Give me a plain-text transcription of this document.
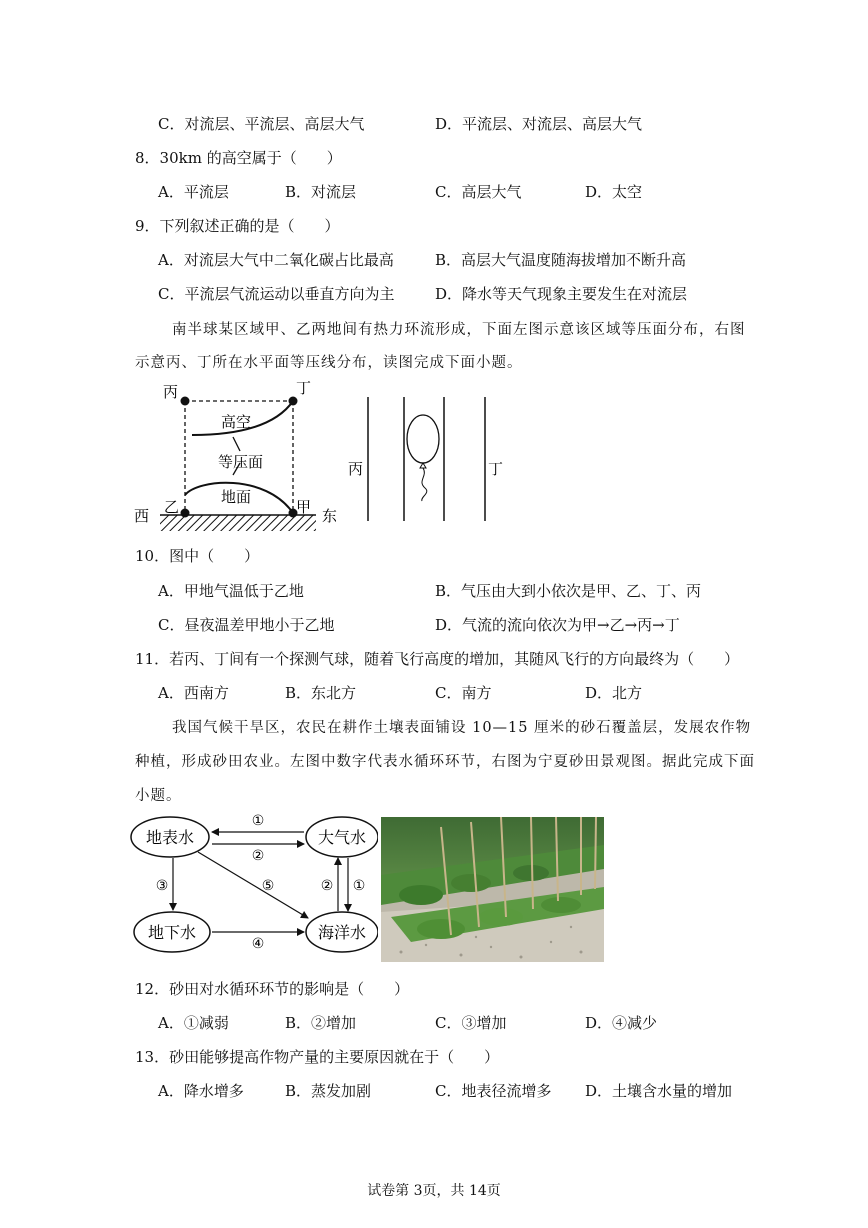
C．对流层、平流层、高层大气	D．平流层、对流层、高层大气
8．30km 的高空属于（　　）
A．平流层	B．对流层	C．高层大气	D．太空
9．下列叙述正确的是（　　）
A．对流层大气中二氧化碳占比最高	B．高层大气温度随海拔增加不断升高
C．平流层气流运动以垂直方向为主	D．降水等天气现象主要发生在对流层
南半球某区域甲、乙两地间有热力环流形成，下面左图示意该区域等压面分布，右图
示意丙、丁所在水平面等压线分布，读图完成下面小题。
丙	丁
高空
等压面
地面
乙	甲
西	东
丙	丁
10．图中（　　）
A．甲地气温低于乙地	B．气压由大到小依次是甲、乙、丁、丙
C．昼夜温差甲地小于乙地	D．气流的流向依次为甲→乙→丙→丁
11．若丙、丁间有一个探测气球，随着飞行高度的增加，其随风飞行的方向最终为（　　）
A．西南方	B．东北方	C．南方	D．北方
我国气候干旱区，农民在耕作土壤表面铺设 10—15 厘米的砂石覆盖层，发展农作物
种植，形成砂田农业。左图中数字代表水循环环节，右图为宁夏砂田景观图。据此完成下面
小题。
地表水	大气水
地下水	海洋水
①
②
③	⑤
④
② ①
12．砂田对水循环环节的影响是（　　）
A．①减弱	B．②增加	C．③增加	D．④减少
13．砂田能够提高作物产量的主要原因就在于（　　）
A．降水增多	B．蒸发加剧	C．地表径流增多 D．土壤含水量的增加
试卷第 3页，共 14页
